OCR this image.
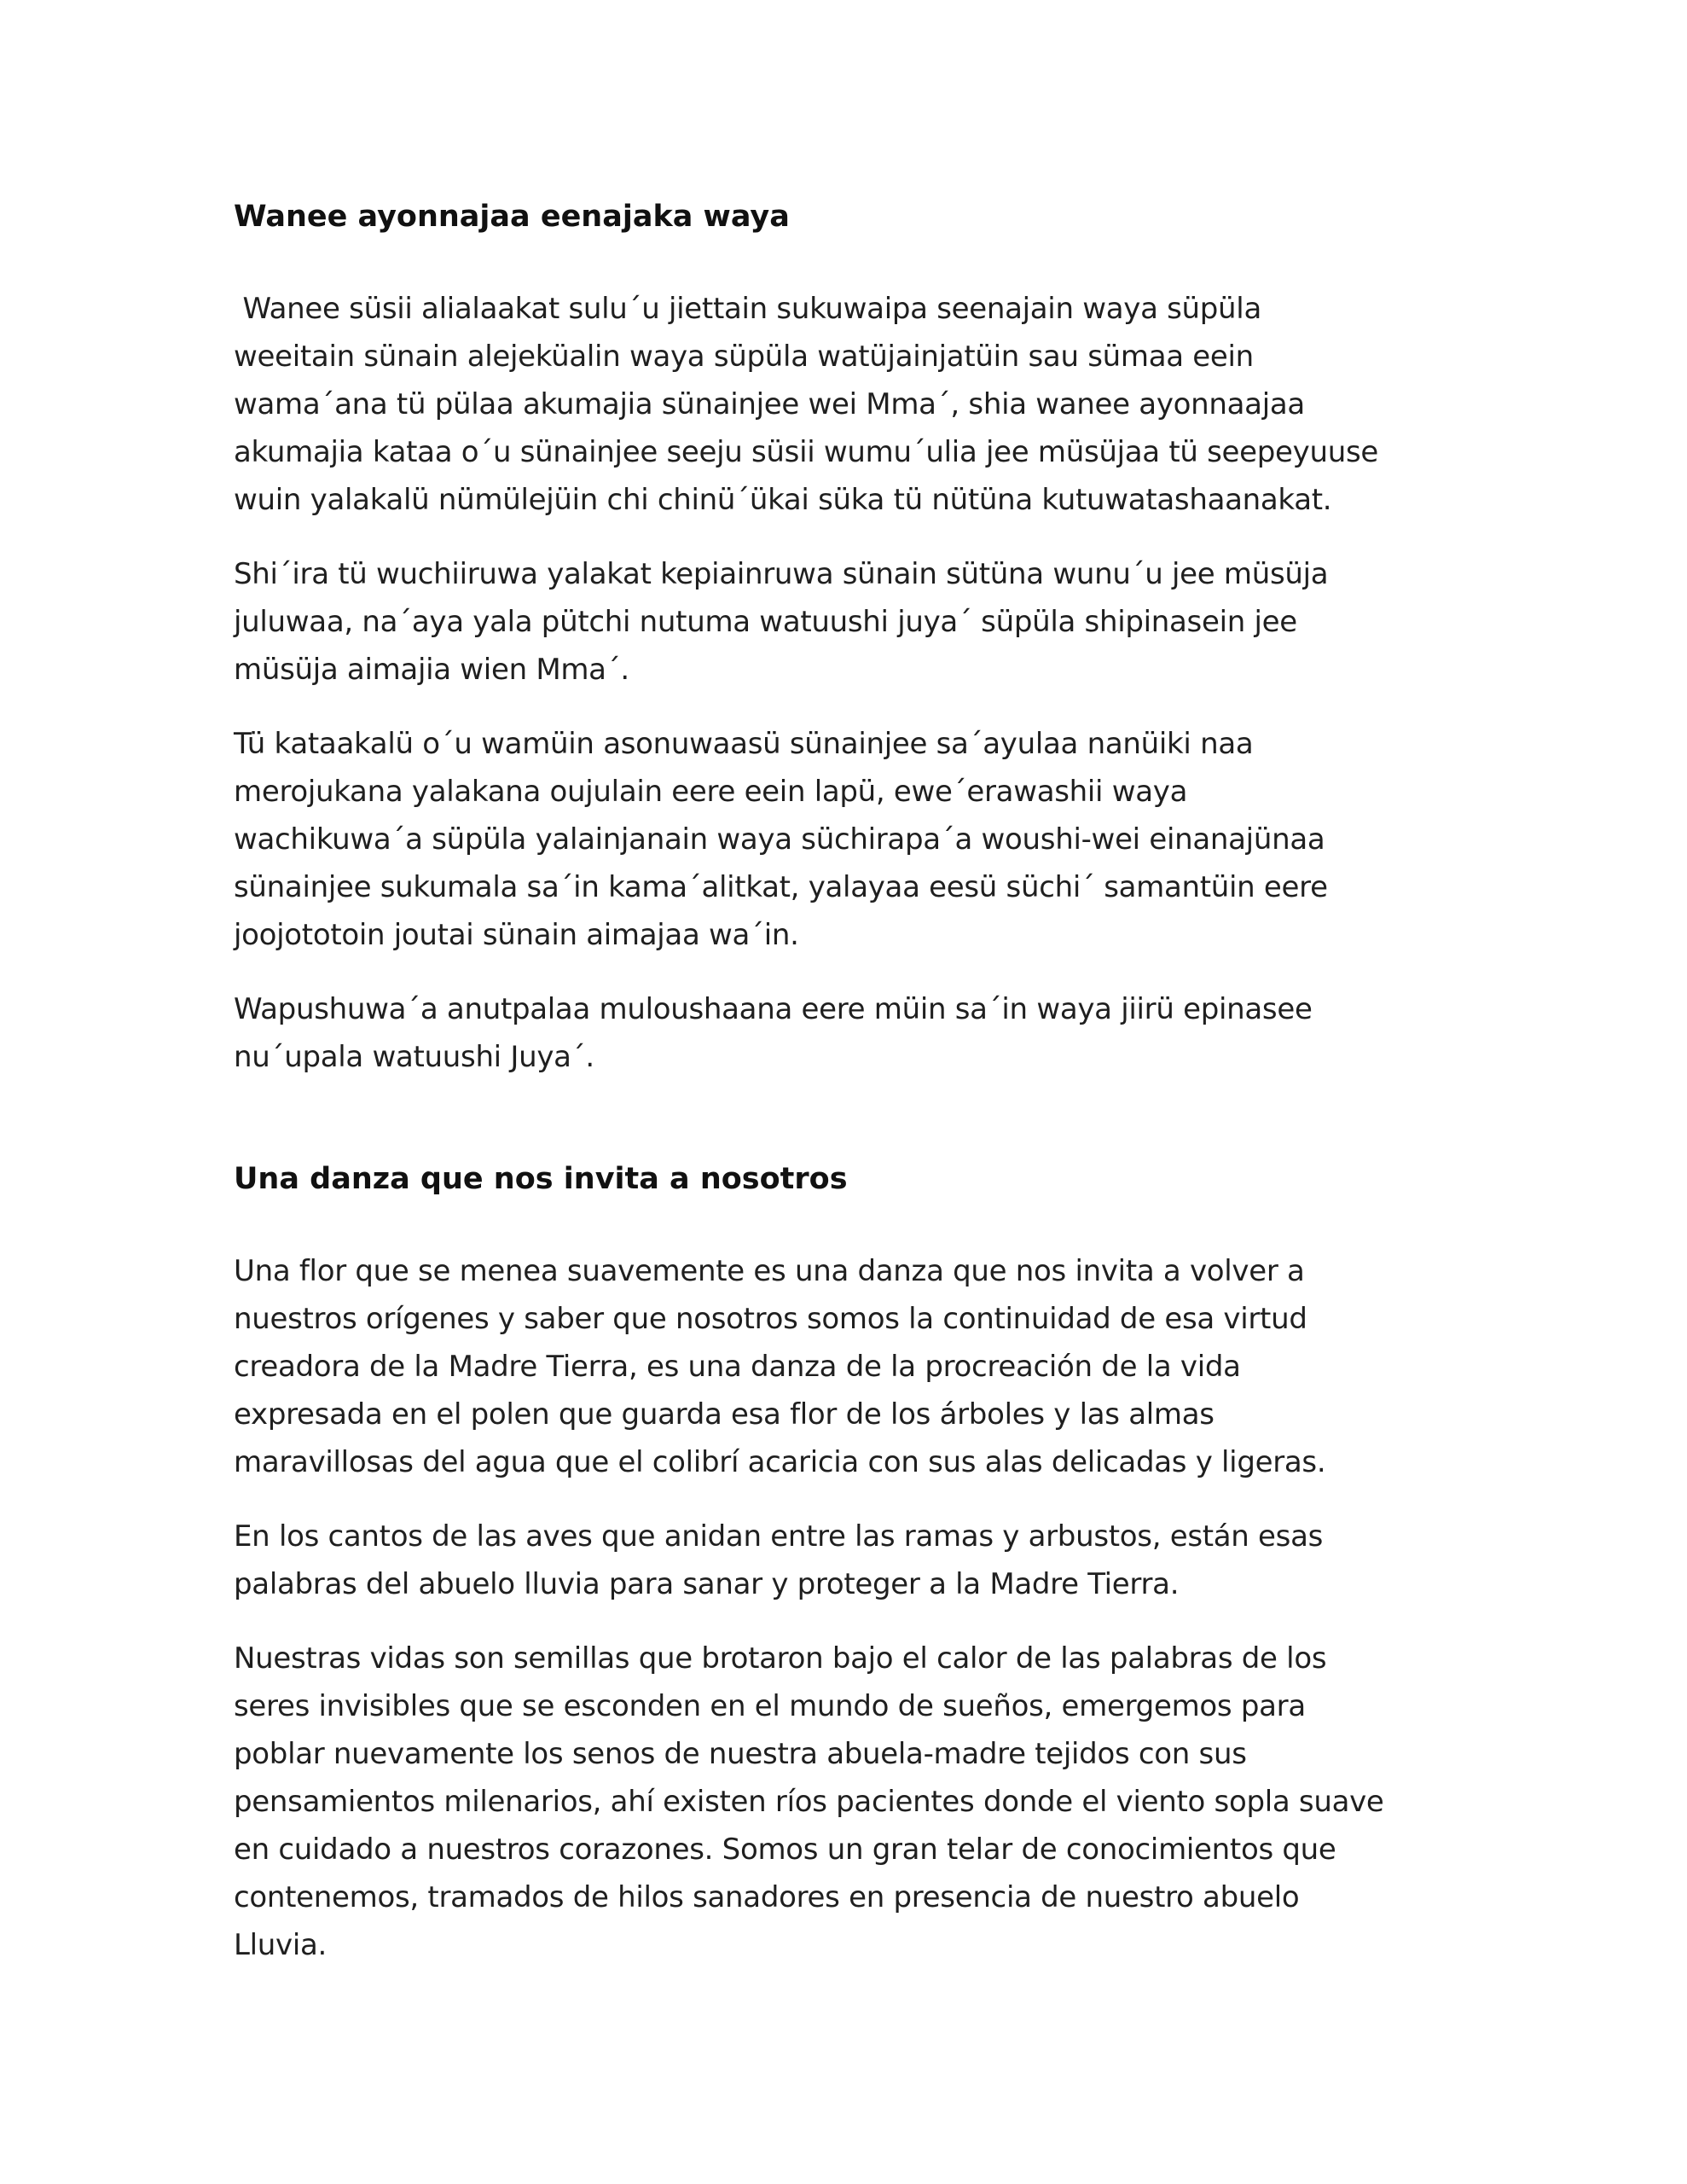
Wanee ayonnajaa eenajaka waya

Wanee süsii alialaakat sulu´u jiettain sukuwaipa seenajain waya süpüla
weeitain sünain alejeküalin waya süpüla watüjainjatüin sau sümaa eein
wama´ana tü pülaa akumajia sünainjee wei Mma´, shia wanee ayonnaajaa
akumajia kataa o´u sünainjee seeju süsii wumu´ulia jee müsüjaa tü seepeyuuse
wuin yalakalü nümülejüin chi chinü´ükai süka tü nütüna kutuwatashaanakat.

Shi´ira tü wuchiiruwa yalakat kepiainruwa sünain sütüna wunu´u jee müsüja
juluwaa, na´aya yala pütchi nutuma watuushi juya´ süpüla shipinasein jee
müsüja aimajia wien Mma´.

Tü kataakalü o´u wamüin asonuwaasü sünainjee sa´ayulaa nanüiki naa
merojukana yalakana oujulain eere eein lapü, ewe´erawashii waya
wachikuwa´a süpüla yalainjanain waya süchirapa´a woushi-wei einanajünaa
sünainjee sukumala sa´in kama´alitkat, yalayaa eesü süchi´ samantüin eere
joojototoin joutai sünain aimajaa wa´in.

Wapushuwa´a anutpalaa muloushaana eere müin sa´in waya jiirü epinasee
nu´upala watuushi Juya´.

Una danza que nos invita a nosotros

Una flor que se menea suavemente es una danza que nos invita a volver a
nuestros orígenes y saber que nosotros somos la continuidad de esa virtud
creadora de la Madre Tierra, es una danza de la procreación de la vida
expresada en el polen que guarda esa flor de los árboles y las almas
maravillosas del agua que el colibrí acaricia con sus alas delicadas y ligeras.

En los cantos de las aves que anidan entre las ramas y arbustos, están esas
palabras del abuelo lluvia para sanar y proteger a la Madre Tierra.

Nuestras vidas son semillas que brotaron bajo el calor de las palabras de los
seres invisibles que se esconden en el mundo de sueños, emergemos para
poblar nuevamente los senos de nuestra abuela-madre tejidos con sus
pensamientos milenarios, ahí existen ríos pacientes donde el viento sopla suave
en cuidado a nuestros corazones. Somos un gran telar de conocimientos que
contenemos, tramados de hilos sanadores en presencia de nuestro abuelo
Lluvia.
